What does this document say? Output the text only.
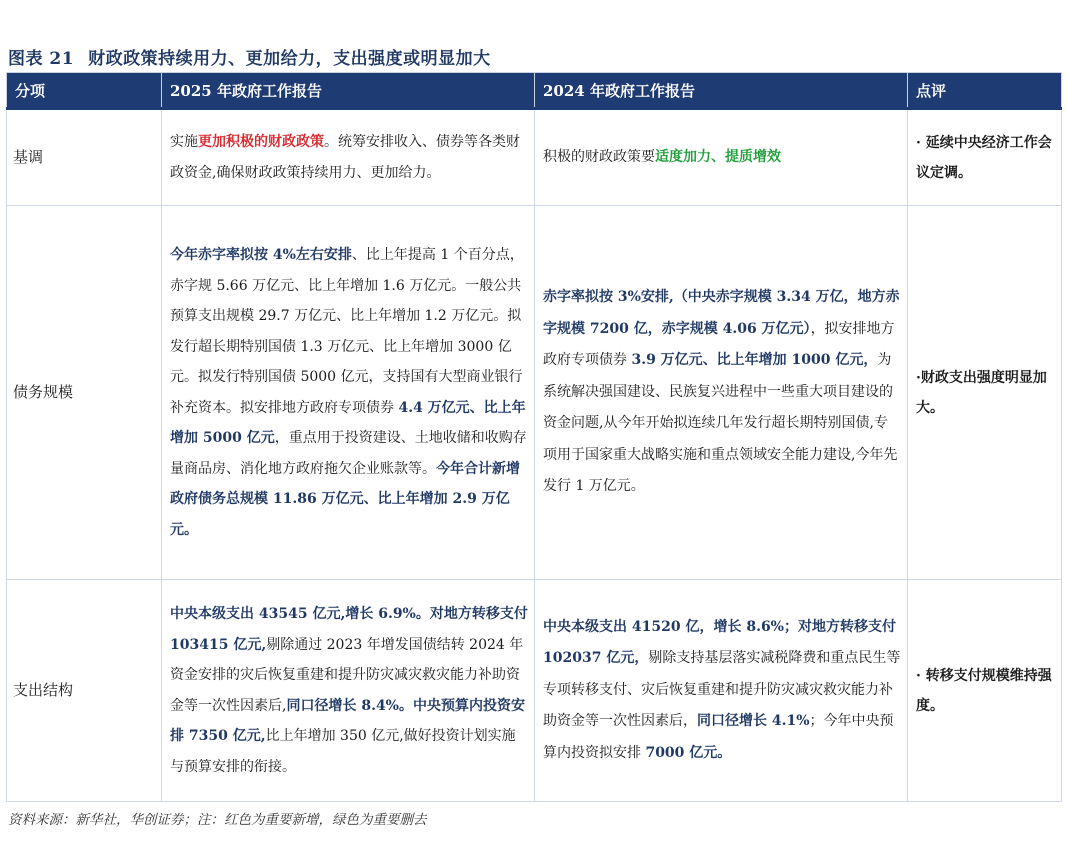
图表 21 财政政策持续用力、更加给力，支出强度或明显加大
分项	2025 年政府工作报告	2024 年政府工作报告	点评
基调	实施更加积极的财政政策。统筹安排收入、债券等各类财政资金,确保财政政策持续用力、更加给力。	积极的财政政策要适度加力、提质增效	· 延续中央经济工作会议定调。
债务规模	今年赤字率拟按 4%左右安排、比上年提高 1 个百分点，赤字规 5.66 万亿元、比上年增加 1.6 万亿元。一般公共预算支出规模 29.7 万亿元、比上年增加 1.2 万亿元。拟发行超长期特别国债 1.3 万亿元、比上年增加 3000 亿元。拟发行特别国债 5000 亿元，支持国有大型商业银行补充资本。拟安排地方政府专项债券 4.4 万亿元、比上年增加 5000 亿元，重点用于投资建设、土地收储和收购存量商品房、消化地方政府拖欠企业账款等。今年合计新增政府债务总规模 11.86 万亿元、比上年增加 2.9 万亿元。	赤字率拟按 3%安排,（中央赤字规模 3.34 万亿，地方赤字规模 7200 亿，赤字规模 4.06 万亿元），拟安排地方政府专项债券 3.9 万亿元、比上年增加 1000 亿元，为系统解决强国建设、民族复兴进程中一些重大项目建设的资金问题,从今年开始拟连续几年发行超长期特别国债,专项用于国家重大战略实施和重点领域安全能力建设,今年先发行 1 万亿元。	·财政支出强度明显加大。
支出结构	中央本级支出 43545 亿元,增长 6.9%。对地方转移支付 103415 亿元,剔除通过 2023 年增发国债结转 2024 年资金安排的灾后恢复重建和提升防灾减灾救灾能力补助资金等一次性因素后,同口径增长 8.4%。中央预算内投资安排 7350 亿元,比上年增加 350 亿元,做好投资计划实施与预算安排的衔接。	中央本级支出 41520 亿，增长 8.6%；对地方转移支付 102037 亿元，剔除支持基层落实减税降费和重点民生等专项转移支付、灾后恢复重建和提升防灾减灾救灾能力补助资金等一次性因素后，同口径增长 4.1%；今年中央预算内投资拟安排 7000 亿元。	· 转移支付规模维持强度。
资料来源：新华社，华创证券；注：红色为重要新增，绿色为重要删去
